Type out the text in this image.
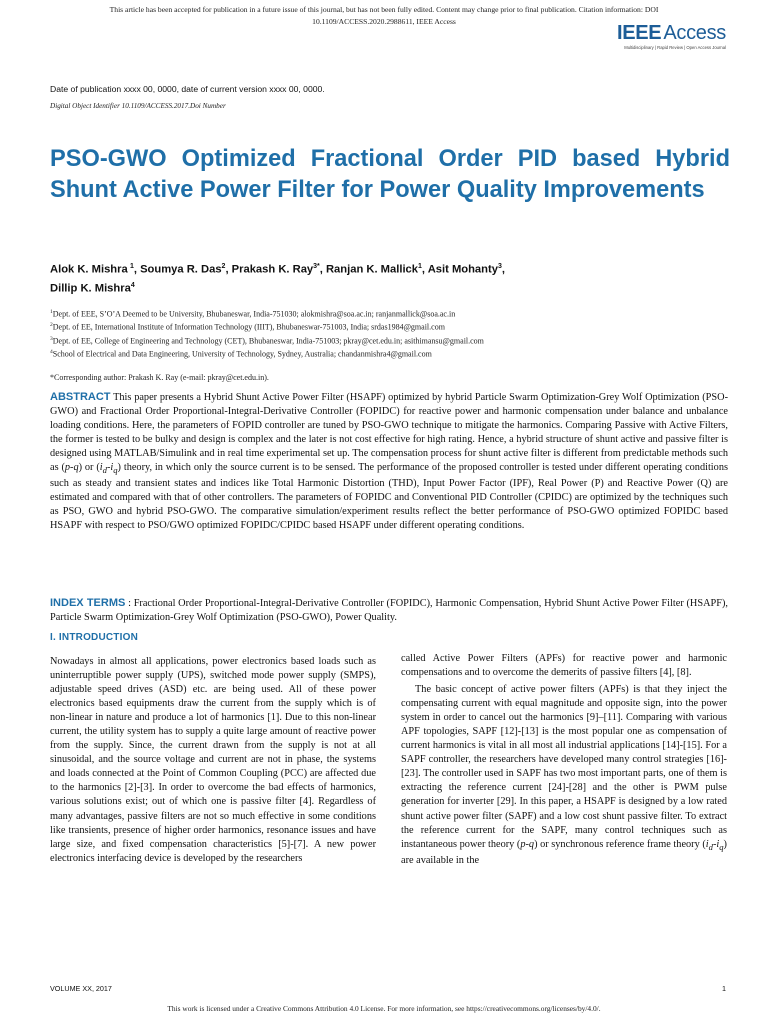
This article has been accepted for publication in a future issue of this journal, but has not been fully edited. Content may change prior to final publication. Citation information: DOI
10.1109/ACCESS.2020.2988611, IEEE Access
IEEE Access
Multidisciplinary | Rapid Review | Open Access Journal
Date of publication xxxx 00, 0000, date of current version xxxx 00, 0000.
Digital Object Identifier 10.1109/ACCESS.2017.Doi Number
PSO-GWO Optimized Fractional Order PID based Hybrid Shunt Active Power Filter for Power Quality Improvements
Alok K. Mishra  $^1$, Soumya R. Das$^2$, Prakash K. Ray$^{3*}$, Ranjan K. Mallick$^1$, Asit Mohanty$^3$,
Dillip K. Mishra$^4$
$^1$Dept. of EEE, S’O’A Deemed to be University, Bhubaneswar, India-751030; alokmishra@soa.ac.in; ranjanmallick@soa.ac.in
$^2$Dept. of EE, International Institute of Information Technology (IIIT), Bhubaneswar-751003, India; srdas1984@gmail.com
$^3$Dept. of EE, College of Engineering and Technology (CET), Bhubaneswar, India-751003; pkray@cet.edu.in; asithimansu@gmail.com
$^4$School of Electrical and Data Engineering, University of Technology, Sydney, Australia; chandanmishra4@gmail.com
*Corresponding author: Prakash K. Ray (e-mail: pkray@cet.edu.in).

ABSTRACT This paper presents a Hybrid Shunt Active Power Filter (HSAPF) optimized by hybrid Particle Swarm Optimization-Grey Wolf Optimization (PSO-GWO) and Fractional Order Proportional-Integral-Derivative Controller (FOPIDC) for reactive power and harmonic compensation under balance and unbalance loading conditions. Here, the parameters of FOPID controller are tuned by PSO-GWO technique to mitigate the harmonics. Comparing Passive with Active Filters, the former is tested to be bulky and design is complex and the later is not cost effective for high rating. Hence, a hybrid structure of shunt active and passive filter is designed using MATLAB/Simulink and in real time experimental set up. The compensation process for shunt active filter is different from predictable methods such as (p-q) or $(i_d-i_q)$ theory, in which only the source current is to be sensed. The performance of the proposed controller is tested under different operating conditions such as steady and transient states and indices like Total Harmonic Distortion (THD), Input Power Factor (IPF), Real Power (P) and Reactive Power (Q) are estimated and compared with that of other controllers. The parameters of FOPIDC and Conventional PID Controller (CPIDC) are optimized by the techniques such as PSO, GWO and hybrid PSO-GWO. The comparative simulation/experiment results reflect the better performance of PSO-GWO optimized FOPIDC based HSAPF with respect to PSO/GWO optimized FOPIDC/CPIDC based HSAPF under different operating conditions.

INDEX TERMS : Fractional Order Proportional-Integral-Derivative Controller (FOPIDC), Harmonic Compensation, Hybrid Shunt Active Power Filter (HSAPF), Particle Swarm Optimization-Grey Wolf Optimization (PSO-GWO), Power Quality.

I. INTRODUCTION

Nowadays in almost all applications, power electronics based loads such as uninterruptible power supply (UPS), switched mode power supply (SMPS), adjustable speed drives (ASD) etc. are being used. All of these power electronics based equipments draw the current from the supply which is of non-linear in nature and produce a lot of harmonics [1]. Due to this non-linear current, the utility system has to supply a quite large amount of reactive power from the supply. Since, the current drawn from the supply is not at all sinusoidal, and the source voltage and current are not in phase, the systems and loads connected at the Point of Common Coupling (PCC) are affected due to the harmonics [2]-[3]. In order to overcome the bad effects of harmonics, various solutions exist; out of which one is passive filter [4]. Regardless of many advantages, passive filters are not so much effective in some conditions like transients, presence of higher order harmonics, resonance issues and have large size, and fixed compensation characteristics [5]-[7]. A new power electronics interfacing device is developed by the researchers

called Active Power Filters (APFs) for reactive power and harmonic compensations and to overcome the demerits of passive filters [4], [8].

The basic concept of active power filters (APFs) is that they inject the compensating current with equal magnitude and opposite sign, into the power system in order to cancel out the harmonics [9]–[11]. Comparing with various APF topologies, SAPF [12]-[13] is the most popular one as compensation of current harmonics is vital in all most all industrial applications [14]-[15]. For a SAPF controller, the researchers have developed many control strategies [16]-[23]. The controller used in SAPF has two most important parts, one of them is extracting the reference current [24]-[28] and the other is PWM pulse generation for inverter [29]. In this paper, a HSAPF is designed by a low rated shunt active power filter (SAPF) and a low cost shunt passive filter. To extract the reference current for the SAPF, many control techniques such as instantaneous power theory (p-q) or synchronous reference frame theory $(i_d-i_q)$ are available in the

VOLUME XX, 2017	1
This work is licensed under a Creative Commons Attribution 4.0 License. For more information, see https://creativecommons.org/licenses/by/4.0/.
